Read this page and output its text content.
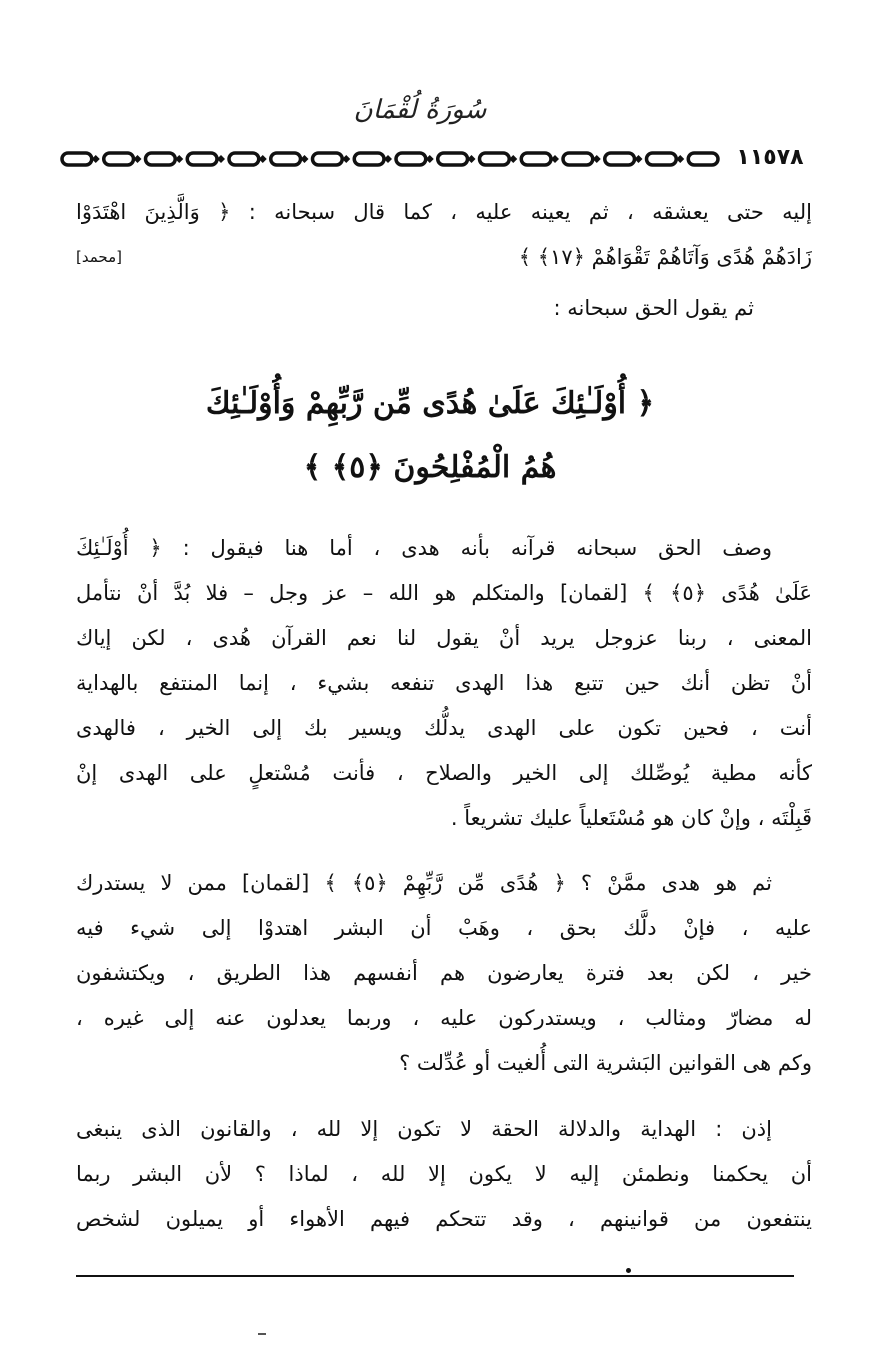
سُورَةُ لُقْمَانَ
١١٥٧٨
إليه حتى يعشقه ، ثم يعينه عليه ، كما قال سبحانه : ﴿ وَالَّذِينَ اهْتَدَوْا
زَادَهُمْ هُدًى وَآتَاهُمْ تَقْوَاهُمْ ﴿١٧﴾ ﴾
[محمد]
ثم يقول الحق سبحانه :
﴿ أُوْلَـٰئِكَ عَلَىٰ هُدًى مِّن رَّبِّهِمْ وَأُوْلَـٰئِكَ
هُمُ الْمُفْلِحُونَ ﴿٥﴾ ﴾
وصف الحق سبحانه قرآنه بأنه هدى ، أما هنا فيقول : ﴿ أُوْلَـٰئِكَ
عَلَىٰ هُدًى ﴿٥﴾ ﴾ [لقمان] والمتكلم هو الله – عز وجل – فلا بُدَّ أنْ نتأمل
المعنى ، ربنا عزوجل يريد أنْ يقول لنا نعم القرآن هُدى ، لكن إياك
أنْ تظن أنك حين تتبع هذا الهدى تنفعه بشيء ، إنما المنتفع بالهداية
أنت ، فحين تكون على الهدى يدلُّك ويسير بك إلى الخير ، فالهدى
كأنه مطية يُوصِّلك إلى الخير والصلاح ، فأنت مُسْتعلٍ على الهدى إنْ
قَبِلْتَه ، وإنْ كان هو مُسْتَعلياً عليك تشريعاً .
ثم هو هدى ممَّنْ ؟ ﴿ هُدًى مِّن رَّبِّهِمْ ﴿٥﴾ ﴾ [لقمان] ممن لا يستدرك
عليه ، فإنْ دلَّك بحق ، وهَبْ أن البشر اهتدوْا إلى شيء فيه
خير ، لكن بعد فترة يعارضون هم أنفسهم هذا الطريق ، ويكتشفون
له مضارّ ومثالب ، ويستدركون عليه ، وربما يعدلون عنه إلى غيره ،
وكم هى القوانين البَشرية التى أُلغيت أو عُدِّلت ؟
إذن : الهداية والدلالة الحقة لا تكون إلا لله ، والقانون الذى ينبغى
أن يحكمنا ونطمئن إليه لا يكون إلا لله ، لماذا ؟ لأن البشر ربما
ينتفعون من قوانينهم ، وقد تتحكم فيهم الأهواء أو يميلون لشخص
